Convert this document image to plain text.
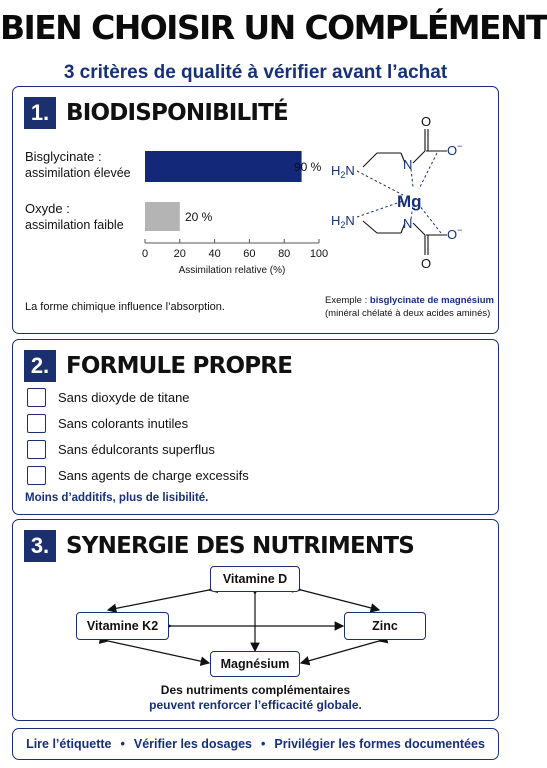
BIEN CHOISIR UN COMPLÉMENT
3 critères de qualité à vérifier avant l’achat
1. BIODISPONIBILITÉ
Bisglycinate :
assimilation élevée
Oxyde :
assimilation faible
0 20 40 60 80 100
Assimilation relative (%)
90 %
20 %
$H_2N$
$H_2N$
N
N
O
O
O−
O−
Mg
La forme chimique influence l’absorption.
Exemple : bisglycinate de magnésium
(minéral chélaté à deux acides aminés)
2. FORMULE PROPRE
Sans dioxyde de titane
Sans colorants inutiles
Sans édulcorants superflus
Sans agents de charge excessifs
Moins d’additifs, plus de lisibilité.
3. SYNERGIE DES NUTRIMENTS
Vitamine D
Vitamine K2	Zinc
Magnésium
Des nutriments complémentaires
peuvent renforcer l’efficacité globale.
Lire l’étiquette • Vérifier les dosages • Privilégier les formes documentées
